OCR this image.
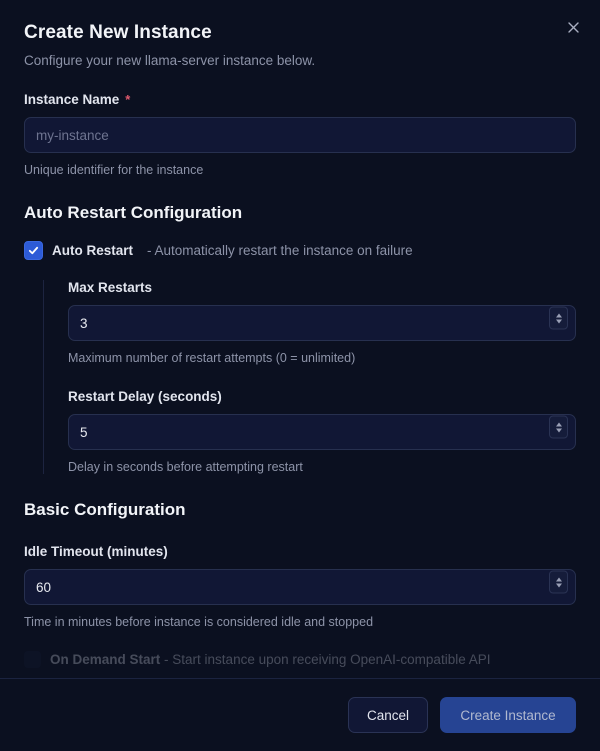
Create New Instance
Configure your new llama-server instance below.
Instance Name *
my-instance
Unique identifier for the instance
Auto Restart Configuration
Auto Restart - Automatically restart the instance on failure
Max Restarts
3
Maximum number of restart attempts (0 = unlimited)
Restart Delay (seconds)
5
Delay in seconds before attempting restart
Basic Configuration
Idle Timeout (minutes)
60
Time in minutes before instance is considered idle and stopped
On Demand Start - Start instance upon receiving OpenAI-compatible API
Cancel	Create Instance
